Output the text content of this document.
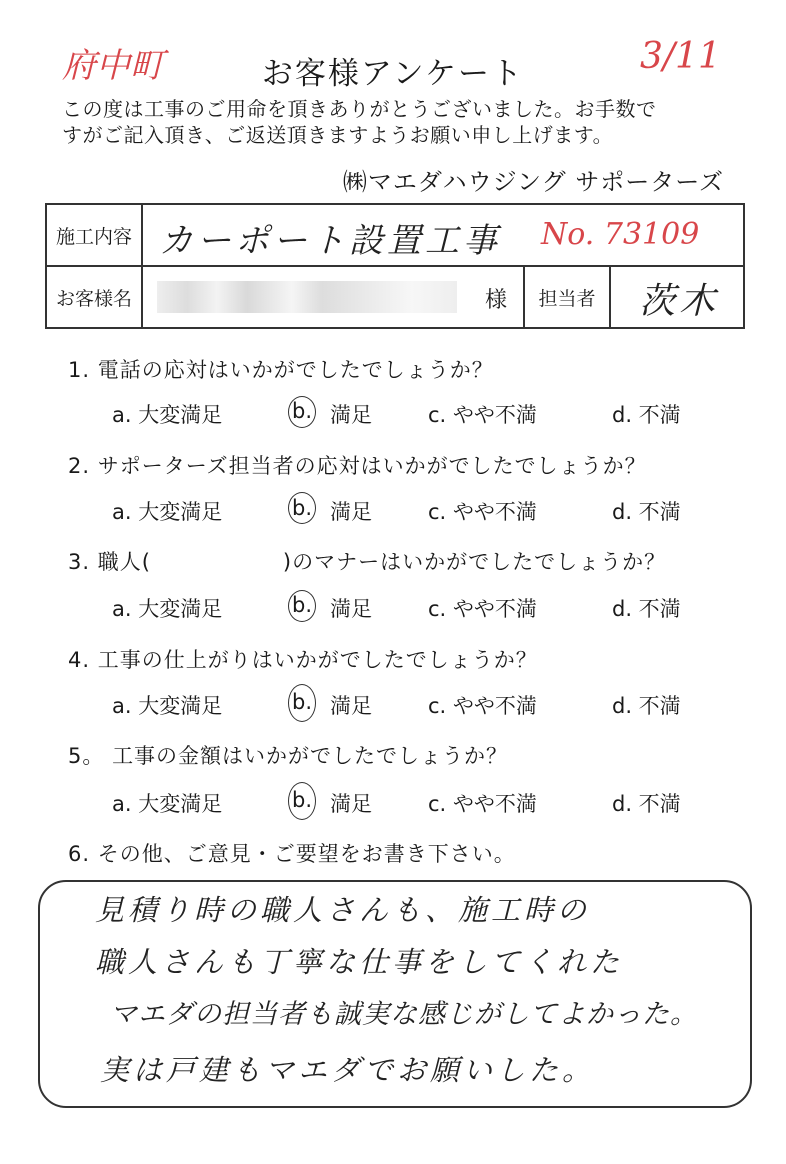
府中町	3/11
お客様アンケート
この度は工事のご用命を頂きありがとうございました。お手数で
すがご記入頂き、ご返送頂きますようお願い申し上げます。
㈱マエダハウジング サポーターズ
施工内容	カーポート設置工事 No. 73109		

お客様名	様	担当者	茨木
1. 電話の応対はいかがでしたでしょうか？
2. サポーターズ担当者の応対はいかがでしたでしょうか？
3. 職人(　　　　　　)のマナーはいかがでしたでしょうか？
4. 工事の仕上がりはいかがでしたでしょうか？
5。 工事の金額はいかがでしたでしょうか？
6. その他、ご意見・ご要望をお書き下さい。
a. 大変満足	b. 満足	c. やや不満	d. 不満
a. 大変満足	b. 満足	c. やや不満	d. 不満
a. 大変満足	b. 満足	c. やや不満	d. 不満
a. 大変満足	b. 満足	c. やや不満	d. 不満
a. 大変満足	b. 満足	c. やや不満	d. 不満
見積り時の職人さんも、施工時の
職人さんも丁寧な仕事をしてくれた
マエダの担当者も誠実な感じがしてよかった。
実は戸建もマエダでお願いした。
